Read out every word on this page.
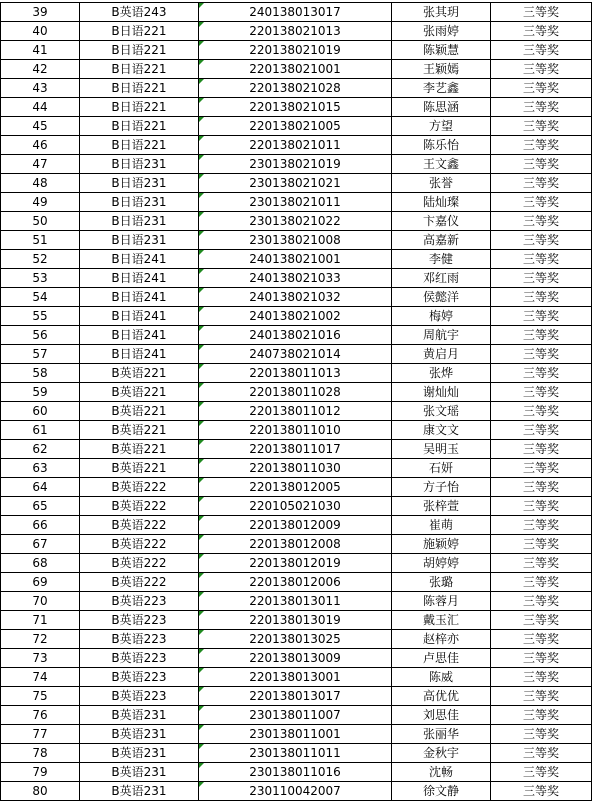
39	B英语243	240138013017	张其玥	三等奖
40	B日语221	220138021013	张雨婷	三等奖
41	B日语221	220138021019	陈颖慧	三等奖
42	B日语221	220138021001	王颖嫣	三等奖
43	B日语221	220138021028	李艺鑫	三等奖
44	B日语221	220138021015	陈思涵	三等奖
45	B日语221	220138021005	方望	三等奖
46	B日语221	220138021011	陈乐怡	三等奖
47	B日语231	230138021019	王文鑫	三等奖
48	B日语231	230138021021	张誉	三等奖
49	B日语231	230138021011	陆灿璨	三等奖
50	B日语231	230138021022	卞嘉仪	三等奖
51	B日语231	230138021008	高嘉新	三等奖
52	B日语241	240138021001	李健	三等奖
53	B日语241	240138021033	邓红雨	三等奖
54	B日语241	240138021032	侯懿洋	三等奖
55	B日语241	240138021002	梅婷	三等奖
56	B日语241	240138021016	周航宇	三等奖
57	B日语241	240738021014	黄启月	三等奖
58	B英语221	220138011013	张烨	三等奖
59	B英语221	220138011028	谢灿灿	三等奖
60	B英语221	220138011012	张文瑶	三等奖
61	B英语221	220138011010	康文文	三等奖
62	B英语221	220138011017	吴明玉	三等奖
63	B英语221	220138011030	石妍	三等奖
64	B英语222	220138012005	方子怡	三等奖
65	B英语222	220105021030	张梓萱	三等奖
66	B英语222	220138012009	崔萌	三等奖
67	B英语222	220138012008	施颖婷	三等奖
68	B英语222	220138012019	胡婷婷	三等奖
69	B英语222	220138012006	张璐	三等奖
70	B英语223	220138013011	陈蓉月	三等奖
71	B英语223	220138013019	戴玉汇	三等奖
72	B英语223	220138013025	赵梓亦	三等奖
73	B英语223	220138013009	卢思佳	三等奖
74	B英语223	220138013001	陈威	三等奖
75	B英语223	220138013017	高优优	三等奖
76	B英语231	230138011007	刘思佳	三等奖
77	B英语231	230138011001	张丽华	三等奖
78	B英语231	230138011011	金秋宇	三等奖
79	B英语231	230138011016	沈畅	三等奖
80	B英语231	230110042007	徐文静	三等奖
